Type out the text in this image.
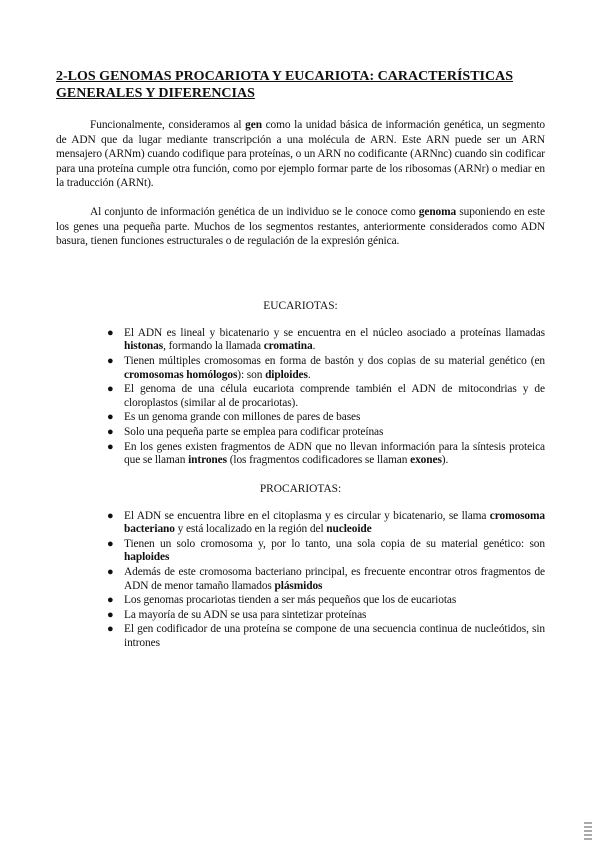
2-LOS GENOMAS PROCARIOTA Y EUCARIOTA: CARACTERÍSTICAS GENERALES Y DIFERENCIAS

Funcionalmente, consideramos al gen como la unidad básica de información genética, un segmento de ADN que da lugar mediante transcripción a una molécula de ARN. Este ARN puede ser un ARN mensajero (ARNm) cuando codifique para proteínas, o un ARN no codificante (ARNnc) cuando sin codificar para una proteína cumple otra función, como por ejemplo formar parte de los ribosomas (ARNr) o mediar en la traducción (ARNt).

Al conjunto de información genética de un individuo se le conoce como genoma suponiendo en este los genes una pequeña parte. Muchos de los segmentos restantes, anteriormente considerados como ADN basura, tienen funciones estructurales o de regulación de la expresión génica.

EUCARIOTAS:
● El ADN es lineal y bicatenario y se encuentra en el núcleo asociado a proteínas llamadas histonas, formando la llamada cromatina.
● Tienen múltiples cromosomas en forma de bastón y dos copias de su material genético (en cromosomas homólogos): son diploides.
● El genoma de una célula eucariota comprende también el ADN de mitocondrias y de cloroplastos (similar al de procariotas).
● Es un genoma grande con millones de pares de bases
● Solo una pequeña parte se emplea para codificar proteínas
● En los genes existen fragmentos de ADN que no llevan información para la síntesis proteica que se llaman intrones (los fragmentos codificadores se llaman exones).
PROCARIOTAS:
● El ADN se encuentra libre en el citoplasma y es circular y bicatenario, se llama cromosoma bacteriano y está localizado en la región del nucleoide
● Tienen un solo cromosoma y, por lo tanto, una sola copia de su material genético: son haploides
● Además de este cromosoma bacteriano principal, es frecuente encontrar otros fragmentos de ADN de menor tamaño llamados plásmidos
● Los genomas procariotas tienden a ser más pequeños que los de eucariotas
● La mayoría de su ADN se usa para sintetizar proteínas
● El gen codificador de una proteína se compone de una secuencia continua de nucleótidos, sin intrones
